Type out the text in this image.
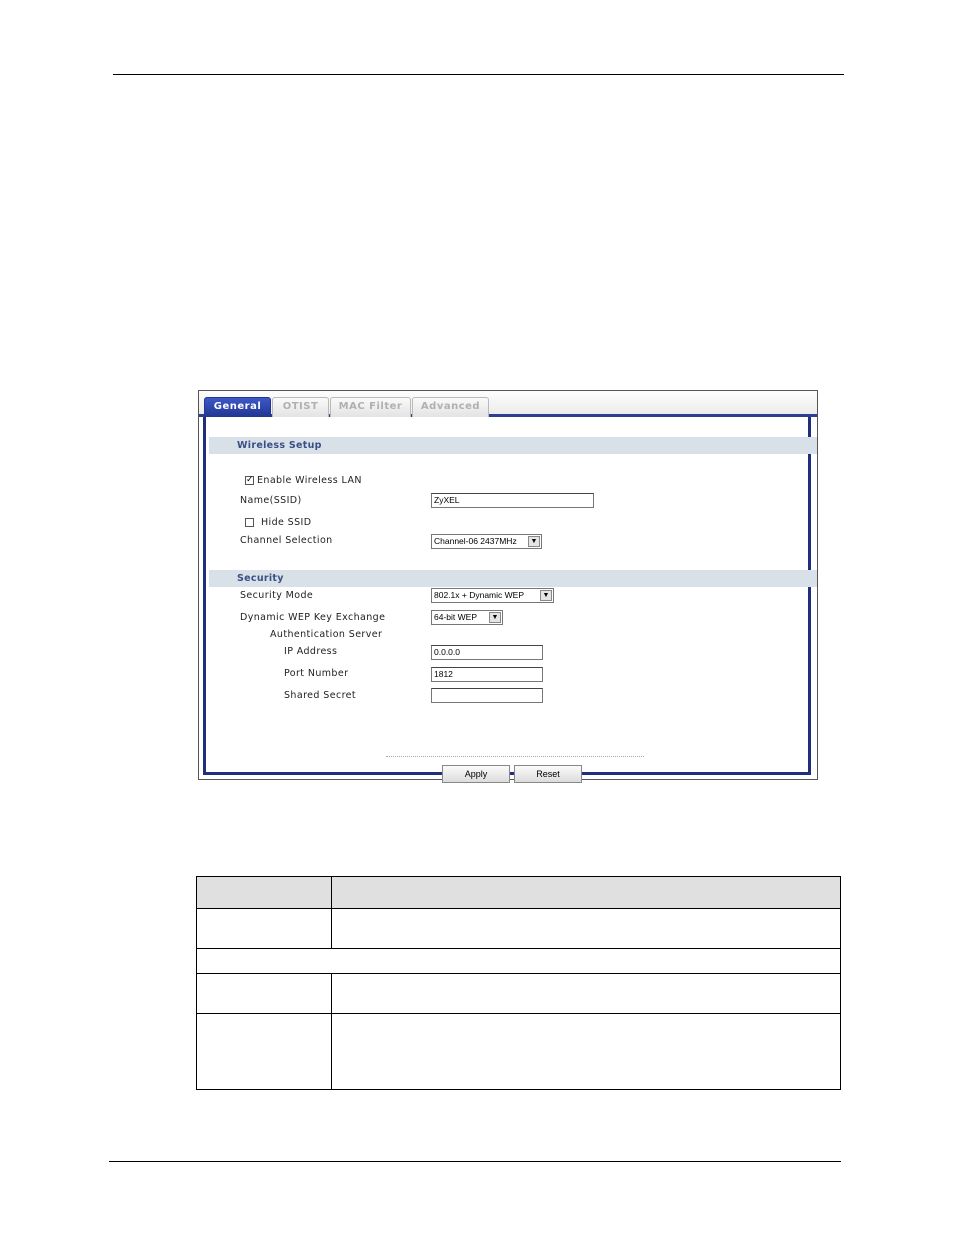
General	OTIST	MAC Filter	Advanced
Wireless Setup
✓ Enable Wireless LAN
Name(SSID)	ZyXEL
Hide SSID
Channel Selection	Channel-06 2437MHz	▼
Security
Security Mode	802.1x + Dynamic WEP	▼
Dynamic WEP Key Exchange	64-bit WEP	▼
Authentication Server
IP Address	0.0.0.0
Port Number	1812
Shared Secret
Apply	Reset
